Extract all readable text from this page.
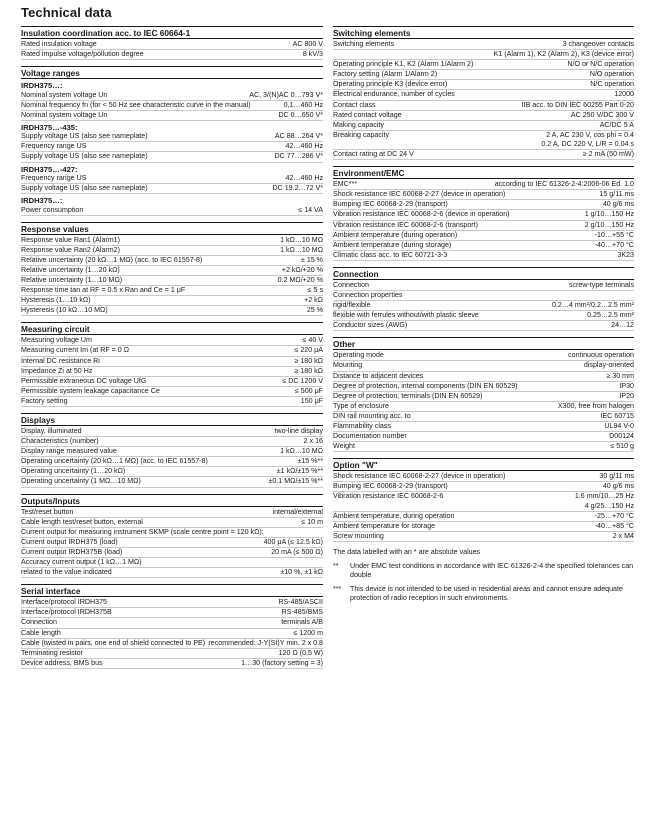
Technical data
Insulation coordination acc. to IEC 60664-1
Rated insulation voltage	AC 800 V
Rated impulse voltage/pollution degree	8 kV/3
Voltage ranges
IRDH375…:
Nominal system voltage Un	AC, 3/(N)AC 0…793 V*
Nominal frequency fn (for < 50 Hz see characteristic curve in the manual)	0,1…460 Hz
Nominal system voltage Un	DC 0…650 V*
IRDH375…-435:
Supply voltage US (also see nameplate)	AC 88…264 V*
Frequency range US	42…460 Hz
Supply voltage US (also see nameplate)	DC 77…286 V*
IRDH375…-427:
Frequency range US	42…460 Hz
Supply voltage US (also see nameplate)	DC 19.2…72 V*
IRDH375…:
Power consumption	≤ 14 VA
Response values
Response value Ran1 (Alarm1)	1 kΩ…10 MΩ
Response value Ran2 (Alarm2)	1 kΩ…10 MΩ
Relative uncertainty (20 kΩ…1 MΩ) (acc. to IEC 61557-8)	± 15 %
Relative uncertainty (1…20 kΩ)	+2 kΩ/+20 %
Relative uncertainty (1…10 MΩ)	0.2 MΩ/+20 %
Response time tan at RF = 0.5 x Ran and Ce = 1 μF	≤ 5 s
Hysteresis (1…10 kΩ)	+2 kΩ
Hysteresis (10 kΩ…10 MΩ)	25 %
Measuring circuit
Measuring voltage Um	≤ 40 V
Measuring current Im (at RF = 0 Ω	≤ 220 μA
Internal DC resistance Ri	≥ 180 kΩ
Impedance Zi at 50 Hz	≥ 180 kΩ
Permissible extraneous DC voltage UfG	≤ DC 1200 V
Permissible system leakage capacitance Ce	≤ 500 μF
Factory setting	150 μF
Displays
Display, illuminated	two-line display
Characteristics (number)	2 x 16
Display range measured value	1 kΩ…10 MΩ
Operating uncertainty (20 kΩ…1 MΩ) (acc. to IEC 61557-8)	±15 %**
Operating uncertainty (1…20 kΩ)	±1 kΩ/±15 %**
Operating uncertainty (1 MΩ…10 MΩ)	±0.1 MΩ/±15 %**
Outputs/Inputs
Test/reset button	internal/external
Cable length test/reset button, external	≤ 10 m
Current output for measuring instrument SKMP (scale centre point = 120 kΩ):
Current output IRDH375 (load)	400 μA (≤ 12.5 kΩ)
Current output IRDH375B (load)	20 mA (≤ 500 Ω)
Accuracy current output (1 kΩ…1 MΩ)
related to the value indicated	±10 %, ±1 kΩ
Serial interface
Interface/protocol IRDH375	RS-485/ASCII
Interface/protocol IRDH375B	RS-485/BMS
Connection	terminals A/B
Cable length	≤ 1200 m
Cable (twisted in pairs, one end of shield connected to PE) recommended: J-Y(St)Y min. 2 x 0.8
Terminating resistor	120 Ω (0.5 W)
Device address, BMS bus	1…30 (factory setting = 3)
Switching elements
Switching elements	3 changeover contacts
K1 (Alarm 1), K2 (Alarm 2), K3 (device error)
Operating principle K1, K2 (Alarm 1/Alarm 2)	N/O or N/C operation
Factory setting (Alarm 1/Alarm 2)	N/O operation
Operating principle K3 (device error)	N/C operation
Electrical endurance, number of cycles	12000
Contact class	IIB acc. to DIN IEC 60255 Part 0-20
Rated contact voltage	AC 250 V/DC 300 V
Making capacity	AC/DC 5 A
Breaking capacity	2 A, AC 230 V, cos phi = 0.4
0.2 A, DC 220 V, L/R = 0.04 s
Contact rating at DC 24 V	≥ 2 mA (50 mW)
Environment/EMC
EMC***	according to IEC 61326-2-4:2006-06 Ed. 1.0
Shock resistance IEC 60068-2-27 (device in operation)	15 g/11 ms
Bumping IEC 60068-2-29 (transport)	40 g/6 ms
Vibration resistance IEC 60068-2-6 (device in operation)	1 g/10…150 Hz
Vibration resistance IEC 60068-2-6 (transport)	2 g/10…150 Hz
Ambient temperature (during operation)	-10…+55 °C
Ambient temperature (during storage)	-40…+70 °C
Climatic class acc. to IEC 60721-3-3	3K23
Connection
Connection	screw-type terminals
Connection properties
rigid/flexible	0.2…4 mm²/0.2…2.5 mm²
flexible with ferrules without/with plastic sleeve	0.25…2.5 mm²
Conductor sizes (AWG)	24…12
Other
Operating mode	continuous operation
Mounting	display-oriented
Distance to adjacent devices	≥ 30 mm
Degree of protection, internal components (DIN EN 60529)	IP30
Degree of protection, terminals (DIN EN 60529)	IP20
Type of enclosure	X300, free from halogen
DIN rail mounting acc. to	IEC 60715
Flammability class	UL94 V-0
Documentation number	D00124
Weight	≤ 510 g
Option "W"
Shock resistance IEC 60068-2-27 (device in operation)	30 g/11 ms
Bumping IEC 60068-2-29 (transport)	40 g/6 ms
Vibration resistance IEC 60068-2-6	1.6 mm/10…25 Hz
4 g/25…150 Hz
Ambient temperature, during operation	-25…+70 °C
Ambient temperature for storage	-40…+85 °C
Screw mounting	2 x M4
The data labelled with an * are absolute values
**	Under EMC test conditions in accordance with IEC 61326-2-4 the specified tolerances can double
***	This device is not intended to be used in residential areas and cannot ensure adequate protection of radio reception in such environments.
